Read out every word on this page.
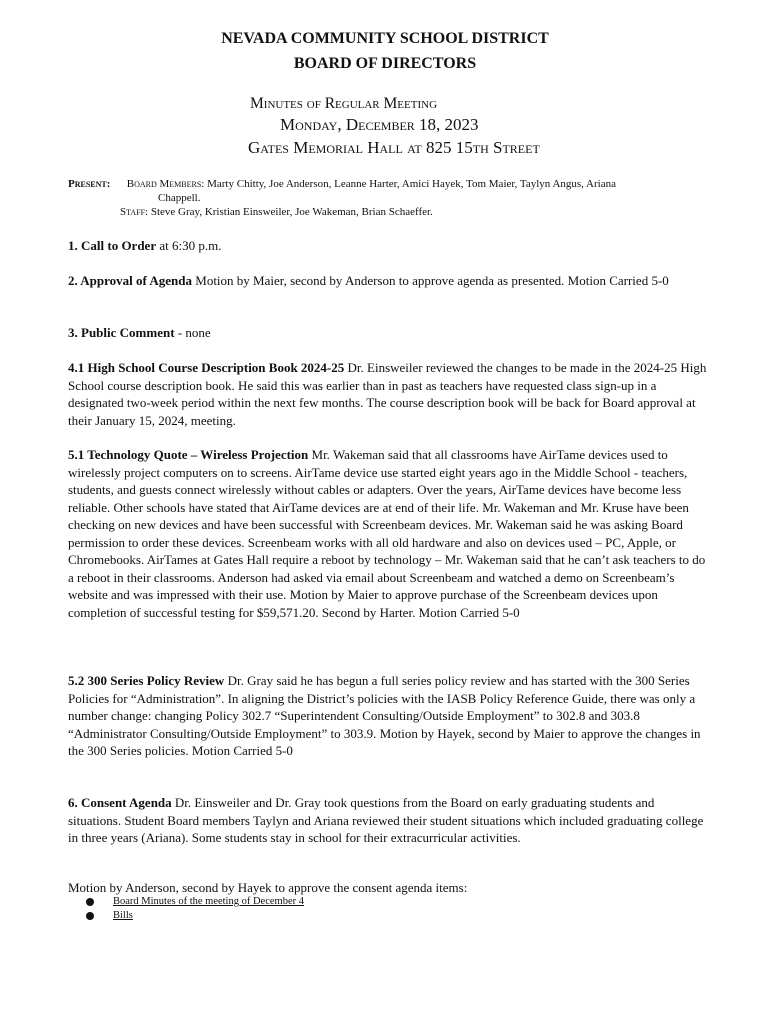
NEVADA COMMUNITY SCHOOL DISTRICT
BOARD OF DIRECTORS
Minutes of Regular Meeting
Monday, December 18, 2023
Gates Memorial Hall at 825 15th Street
Present: Board Members: Marty Chitty, Joe Anderson, Leanne Harter, Amici Hayek, Tom Maier, Taylyn Angus, Ariana
Chappell.
Staff: Steve Gray, Kristian Einsweiler, Joe Wakeman, Brian Schaeffer.
1. Call to Order at 6:30 p.m.
2. Approval of Agenda Motion by Maier, second by Anderson to approve agenda as presented. Motion Carried 5-0
3. Public Comment - none
4.1 High School Course Description Book 2024-25 Dr. Einsweiler reviewed the changes to be made in the 2024-25 High School course description book. He said this was earlier than in past as teachers have requested class sign-up in a designated two-week period within the next few months. The course description book will be back for Board approval at their January 15, 2024, meeting.
5.1 Technology Quote – Wireless Projection Mr. Wakeman said that all classrooms have AirTame devices used to wirelessly project computers on to screens. AirTame device use started eight years ago in the Middle School - teachers, students, and guests connect wirelessly without cables or adapters. Over the years, AirTame devices have become less reliable. Other schools have stated that AirTame devices are at end of their life. Mr. Wakeman and Mr. Kruse have been checking on new devices and have been successful with Screenbeam devices. Mr. Wakeman said he was asking Board permission to order these devices. Screenbeam works with all old hardware and also on devices used – PC, Apple, or Chromebooks. AirTames at Gates Hall require a reboot by technology – Mr. Wakeman said that he can’t ask teachers to do a reboot in their classrooms. Anderson had asked via email about Screenbeam and watched a demo on Screenbeam’s website and was impressed with their use. Motion by Maier to approve purchase of the Screenbeam devices upon completion of successful testing for $59,571.20. Second by Harter. Motion Carried 5-0
5.2 300 Series Policy Review Dr. Gray said he has begun a full series policy review and has started with the 300 Series Policies for “Administration”. In aligning the District’s policies with the IASB Policy Reference Guide, there was only a number change: changing Policy 302.7 “Superintendent Consulting/Outside Employment” to 302.8 and 303.8 “Administrator Consulting/Outside Employment” to 303.9. Motion by Hayek, second by Maier to approve the changes in the 300 Series policies. Motion Carried 5-0
6. Consent Agenda Dr. Einsweiler and Dr. Gray took questions from the Board on early graduating students and situations. Student Board members Taylyn and Ariana reviewed their student situations which included graduating college in three years (Ariana). Some students stay in school for their extracurricular activities.
Motion by Anderson, second by Hayek to approve the consent agenda items:
Board Minutes of the meeting of December 4
Bills
